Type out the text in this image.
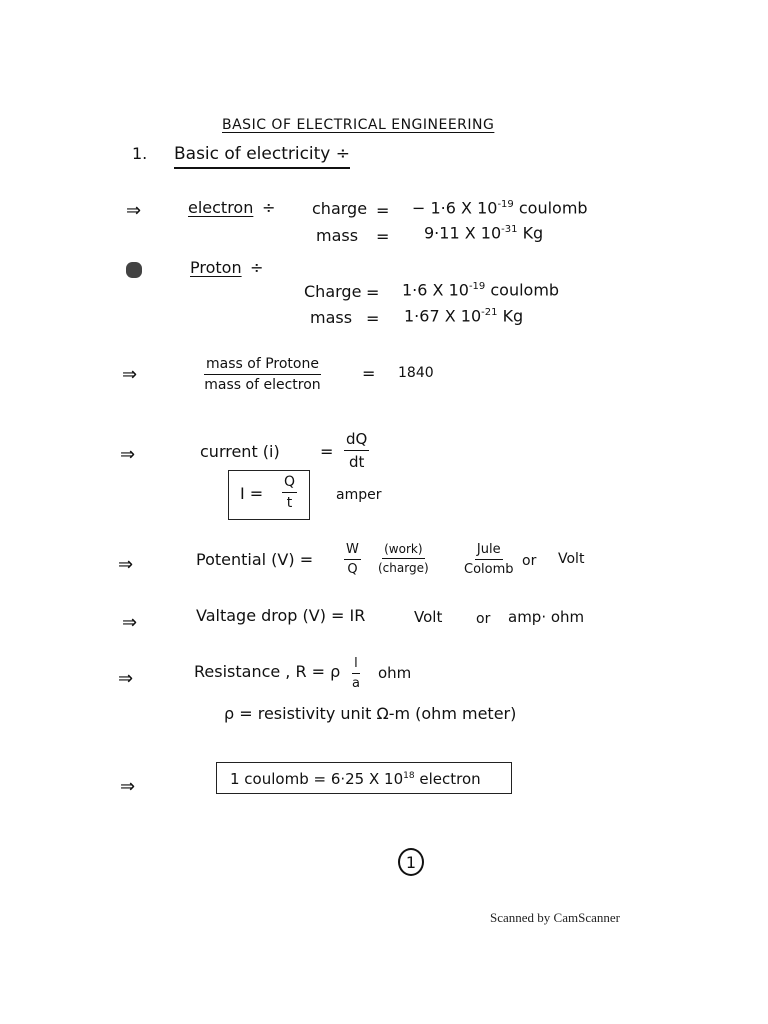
BASIC OF ELECTRICAL ENGINEERING
1. Basic of electricity ÷
⇒	electron ÷ charge = − 1·6 X $10^{-19}$ coulomb
mass = 9·11 X $10^{-31}$ Kg
Proton ÷
Charge = 1·6 X $10^{-19}$ coulomb
mass = 1·67 X $10^{-21}$ Kg
⇒	mass of Protone
mass of electron
= 1840
⇒	current (i)	= $\frac{dQ}{dt}$
$I = \frac{Q}{t}$	amper
⇒	Potential $(V) = \frac{W}{Q}$ (work)
(charge)
Jule
Colomb
or Volt
⇒	Valtage drop (V) = IR	Volt or amp· ohm
⇒	Resistance , R = ρ $\frac{l}{a}$ ohm
ρ = resistivity unit Ω-m (ohm meter)
⇒	1 coulomb = 6·25 X $10^{18}$ electron
1
Scanned by CamScanner
